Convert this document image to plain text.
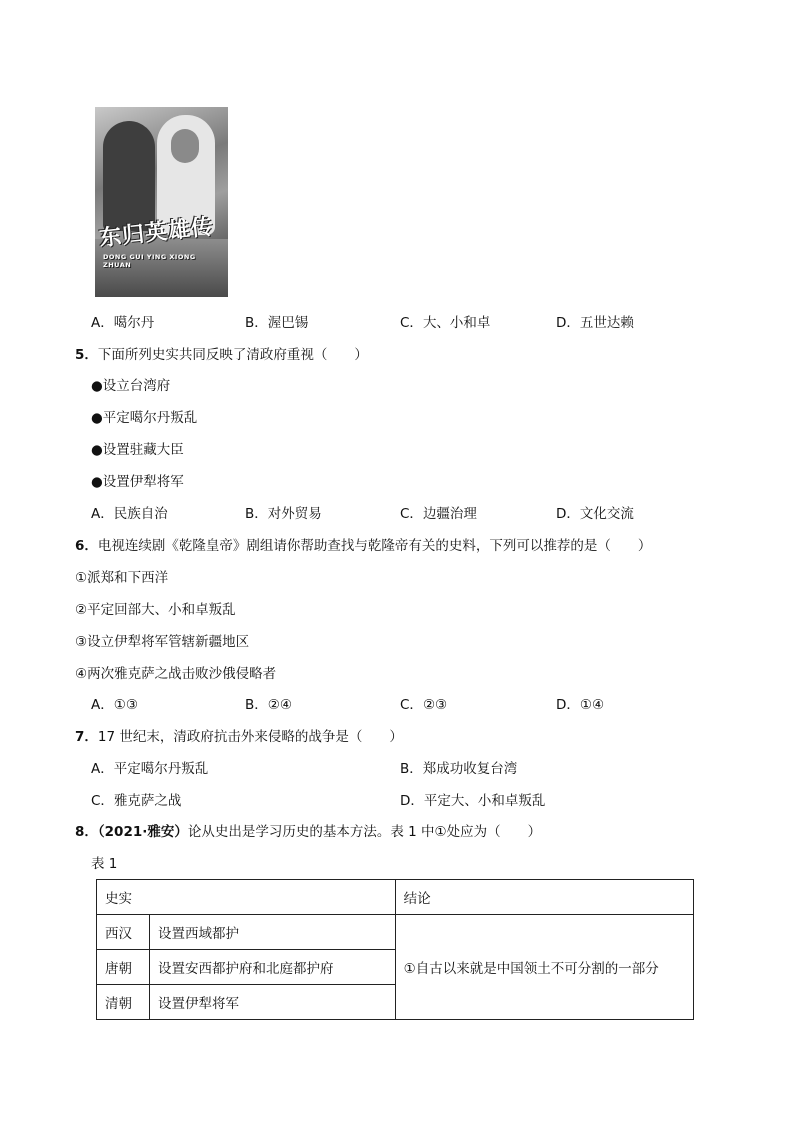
东归英雄传
DONG GUI YING XIONG ZHUAN
A．噶尔丹	B．渥巴锡	C．大、小和卓	D．五世达赖
5．下面所列史实共同反映了清政府重视（　　）
●设立台湾府
●平定噶尔丹叛乱
●设置驻藏大臣
●设置伊犁将军
A．民族自治	B．对外贸易	C．边疆治理	D．文化交流
6．电视连续剧《乾隆皇帝》剧组请你帮助查找与乾隆帝有关的史料，下列可以推荐的是（　　）
①派郑和下西洋
②平定回部大、小和卓叛乱
③设立伊犁将军管辖新疆地区
④两次雅克萨之战击败沙俄侵略者
A．①③	B．②④	C．②③	D．①④
7．17 世纪末，清政府抗击外来侵略的战争是（　　）
A．平定噶尔丹叛乱	B．郑成功收复台湾
C．雅克萨之战	D．平定大、小和卓叛乱
8．（2021·雅安）论从史出是学习历史的基本方法。表 1 中①处应为（　　）
表 1
史实		结论
西汉	设置西域都护	①自古以来就是中国领土不可分割的一部分
唐朝	设置安西都护府和北庭都护府	
清朝	设置伊犁将军	
